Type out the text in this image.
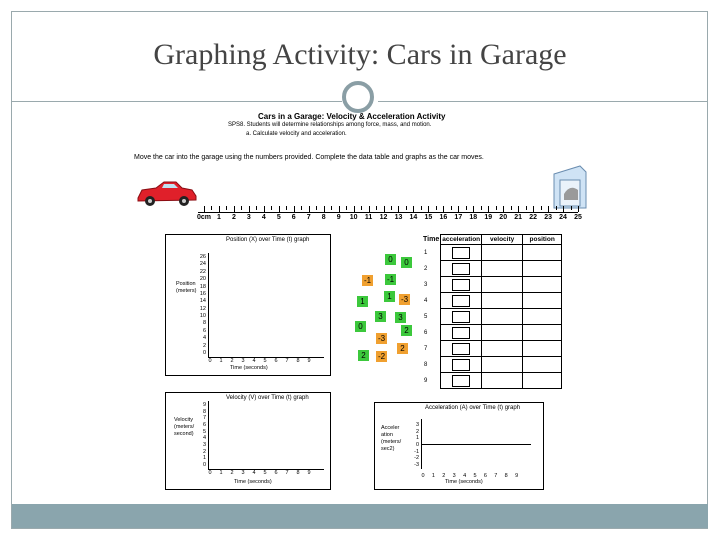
Graphing Activity: Cars in Garage
Cars in a Garage: Velocity & Acceleration Activity
SPS8. Students will determine relationships among force, mass, and motion.
a. Calculate velocity and acceleration.
Move the car into the garage using the numbers provided. Complete the data table and graphs as the car moves.
0cm 1 2 3 4 5 6 7 8 9 10 11 12 13 14 15 16 17 18 19 20 21 22 23 24 25
Position (X) over Time (t) graph
Position
(meters)
26
24
22
20
18
16
14
12
10
8
6
4
2
0
0 1 2 3 4 5 6 7 8 9
Time (seconds)
Velocity (V) over Time (t) graph
Velocity
(meters/
second)
9
8
7
6
5
4
3
2
1
0
0 1 2 3 4 5 6 7 8 9
Time (seconds)
Acceleration (A) over Time (t) graph
Acceler
ation
(meters/
sec2)
3
2
1
0
-1
-2
-3
0 1 2 3 4 5 6 7 8 9
Time (seconds)
0	0
-1 -1
1
1	-3
3
0
3
2
-3
2	-2
2
Time	acceleration	velocity	position
1	

2	

3	

4	

5	

6	

7	

8	

9	
